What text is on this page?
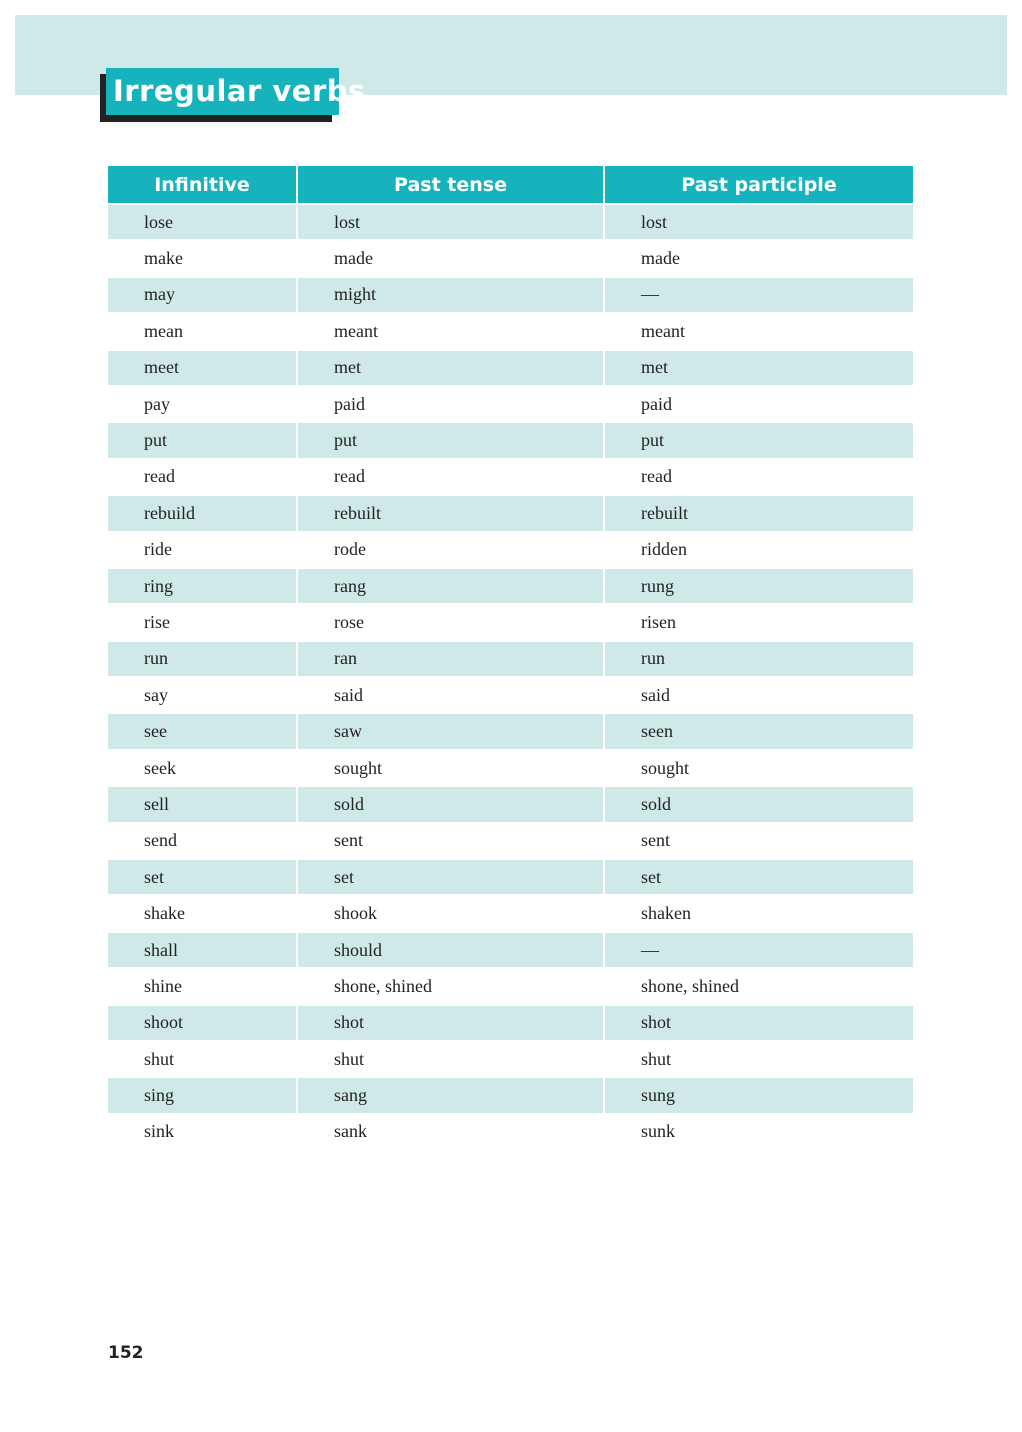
Irregular verbs
Infinitive	Past tense	Past participle
lose	lost	lost
make	made	made
may	might	—
mean	meant	meant
meet	met	met
pay	paid	paid
put	put	put
read	read	read
rebuild	rebuilt	rebuilt
ride	rode	ridden
ring	rang	rung
rise	rose	risen
run	ran	run
say	said	said
see	saw	seen
seek	sought	sought
sell	sold	sold
send	sent	sent
set	set	set
shake	shook	shaken
shall	should	—
shine	shone, shined	shone, shined
shoot	shot	shot
shut	shut	shut
sing	sang	sung
sink	sank	sunk
152
